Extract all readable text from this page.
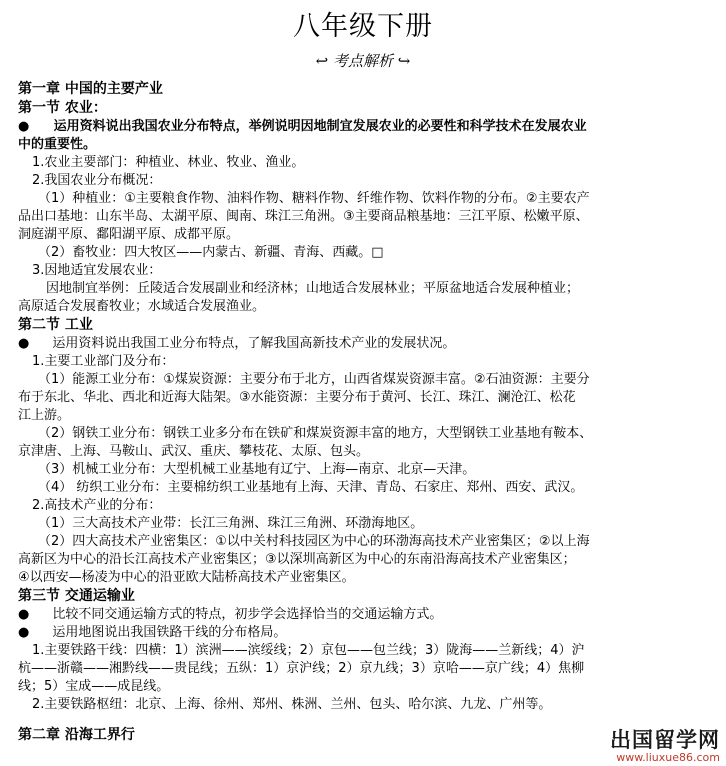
八年级下册
↩ 考点解析 ↪
第一章 中国的主要产业
第一节 农业：
● 运用资料说出我国农业分布特点，举例说明因地制宜发展农业的必要性和科学技术在发展农业
中的重要性。
1.农业主要部门：种植业、林业、牧业、渔业。
2.我国农业分布概况：
（1）种植业：①主要粮食作物、油料作物、糖料作物、纤维作物、饮料作物的分布。②主要农产
品出口基地：山东半岛、太湖平原、闽南、珠江三角洲。③主要商品粮基地：三江平原、松嫩平原、
洞庭湖平原、鄱阳湖平原、成都平原。
（2）畜牧业：四大牧区——内蒙古、新疆、青海、西藏。□
3.因地适宜发展农业：
因地制宜举例：丘陵适合发展副业和经济林；山地适合发展林业；平原盆地适合发展种植业；
高原适合发展畜牧业；水域适合发展渔业。
第二节 工业
● 运用资料说出我国工业分布特点，了解我国高新技术产业的发展状况。
1.主要工业部门及分布：
（1）能源工业分布：①煤炭资源：主要分布于北方，山西省煤炭资源丰富。②石油资源：主要分
布于东北、华北、西北和近海大陆架。③水能资源：主要分布于黄河、长江、珠江、澜沧江、松花
江上游。
（2）钢铁工业分布：钢铁工业多分布在铁矿和煤炭资源丰富的地方，大型钢铁工业基地有鞍本、
京津唐、上海、马鞍山、武汉、重庆、攀枝花、太原、包头。
（3）机械工业分布：大型机械工业基地有辽宁、上海—南京、北京—天津。
（4） 纺织工业分布：主要棉纺织工业基地有上海、天津、青岛、石家庄、郑州、西安、武汉。
2.高技术产业的分布：
（1）三大高技术产业带：长江三角洲、珠江三角洲、环渤海地区。
（2）四大高技术产业密集区：①以中关村科技园区为中心的环渤海高技术产业密集区；②以上海
高新区为中心的沿长江高技术产业密集区；③以深圳高新区为中心的东南沿海高技术产业密集区；
④以西安—杨凌为中心的沿亚欧大陆桥高技术产业密集区。
第三节 交通运输业
● 比较不同交通运输方式的特点，初步学会选择恰当的交通运输方式。
● 运用地图说出我国铁路干线的分布格局。
1.主要铁路干线：四横：1）滨洲——滨绥线；2）京包——包兰线；3）陇海——兰新线；4）沪
杭——浙赣——湘黔线——贵昆线；五纵：1）京沪线；2）京九线；3）京哈——京广线；4）焦柳
线；5）宝成——成昆线。
2.主要铁路枢纽：北京、上海、徐州、郑州、株洲、兰州、包头、哈尔滨、九龙、广州等。
第二章 沿海工界行	出国留学网
www.liuxue86.com
